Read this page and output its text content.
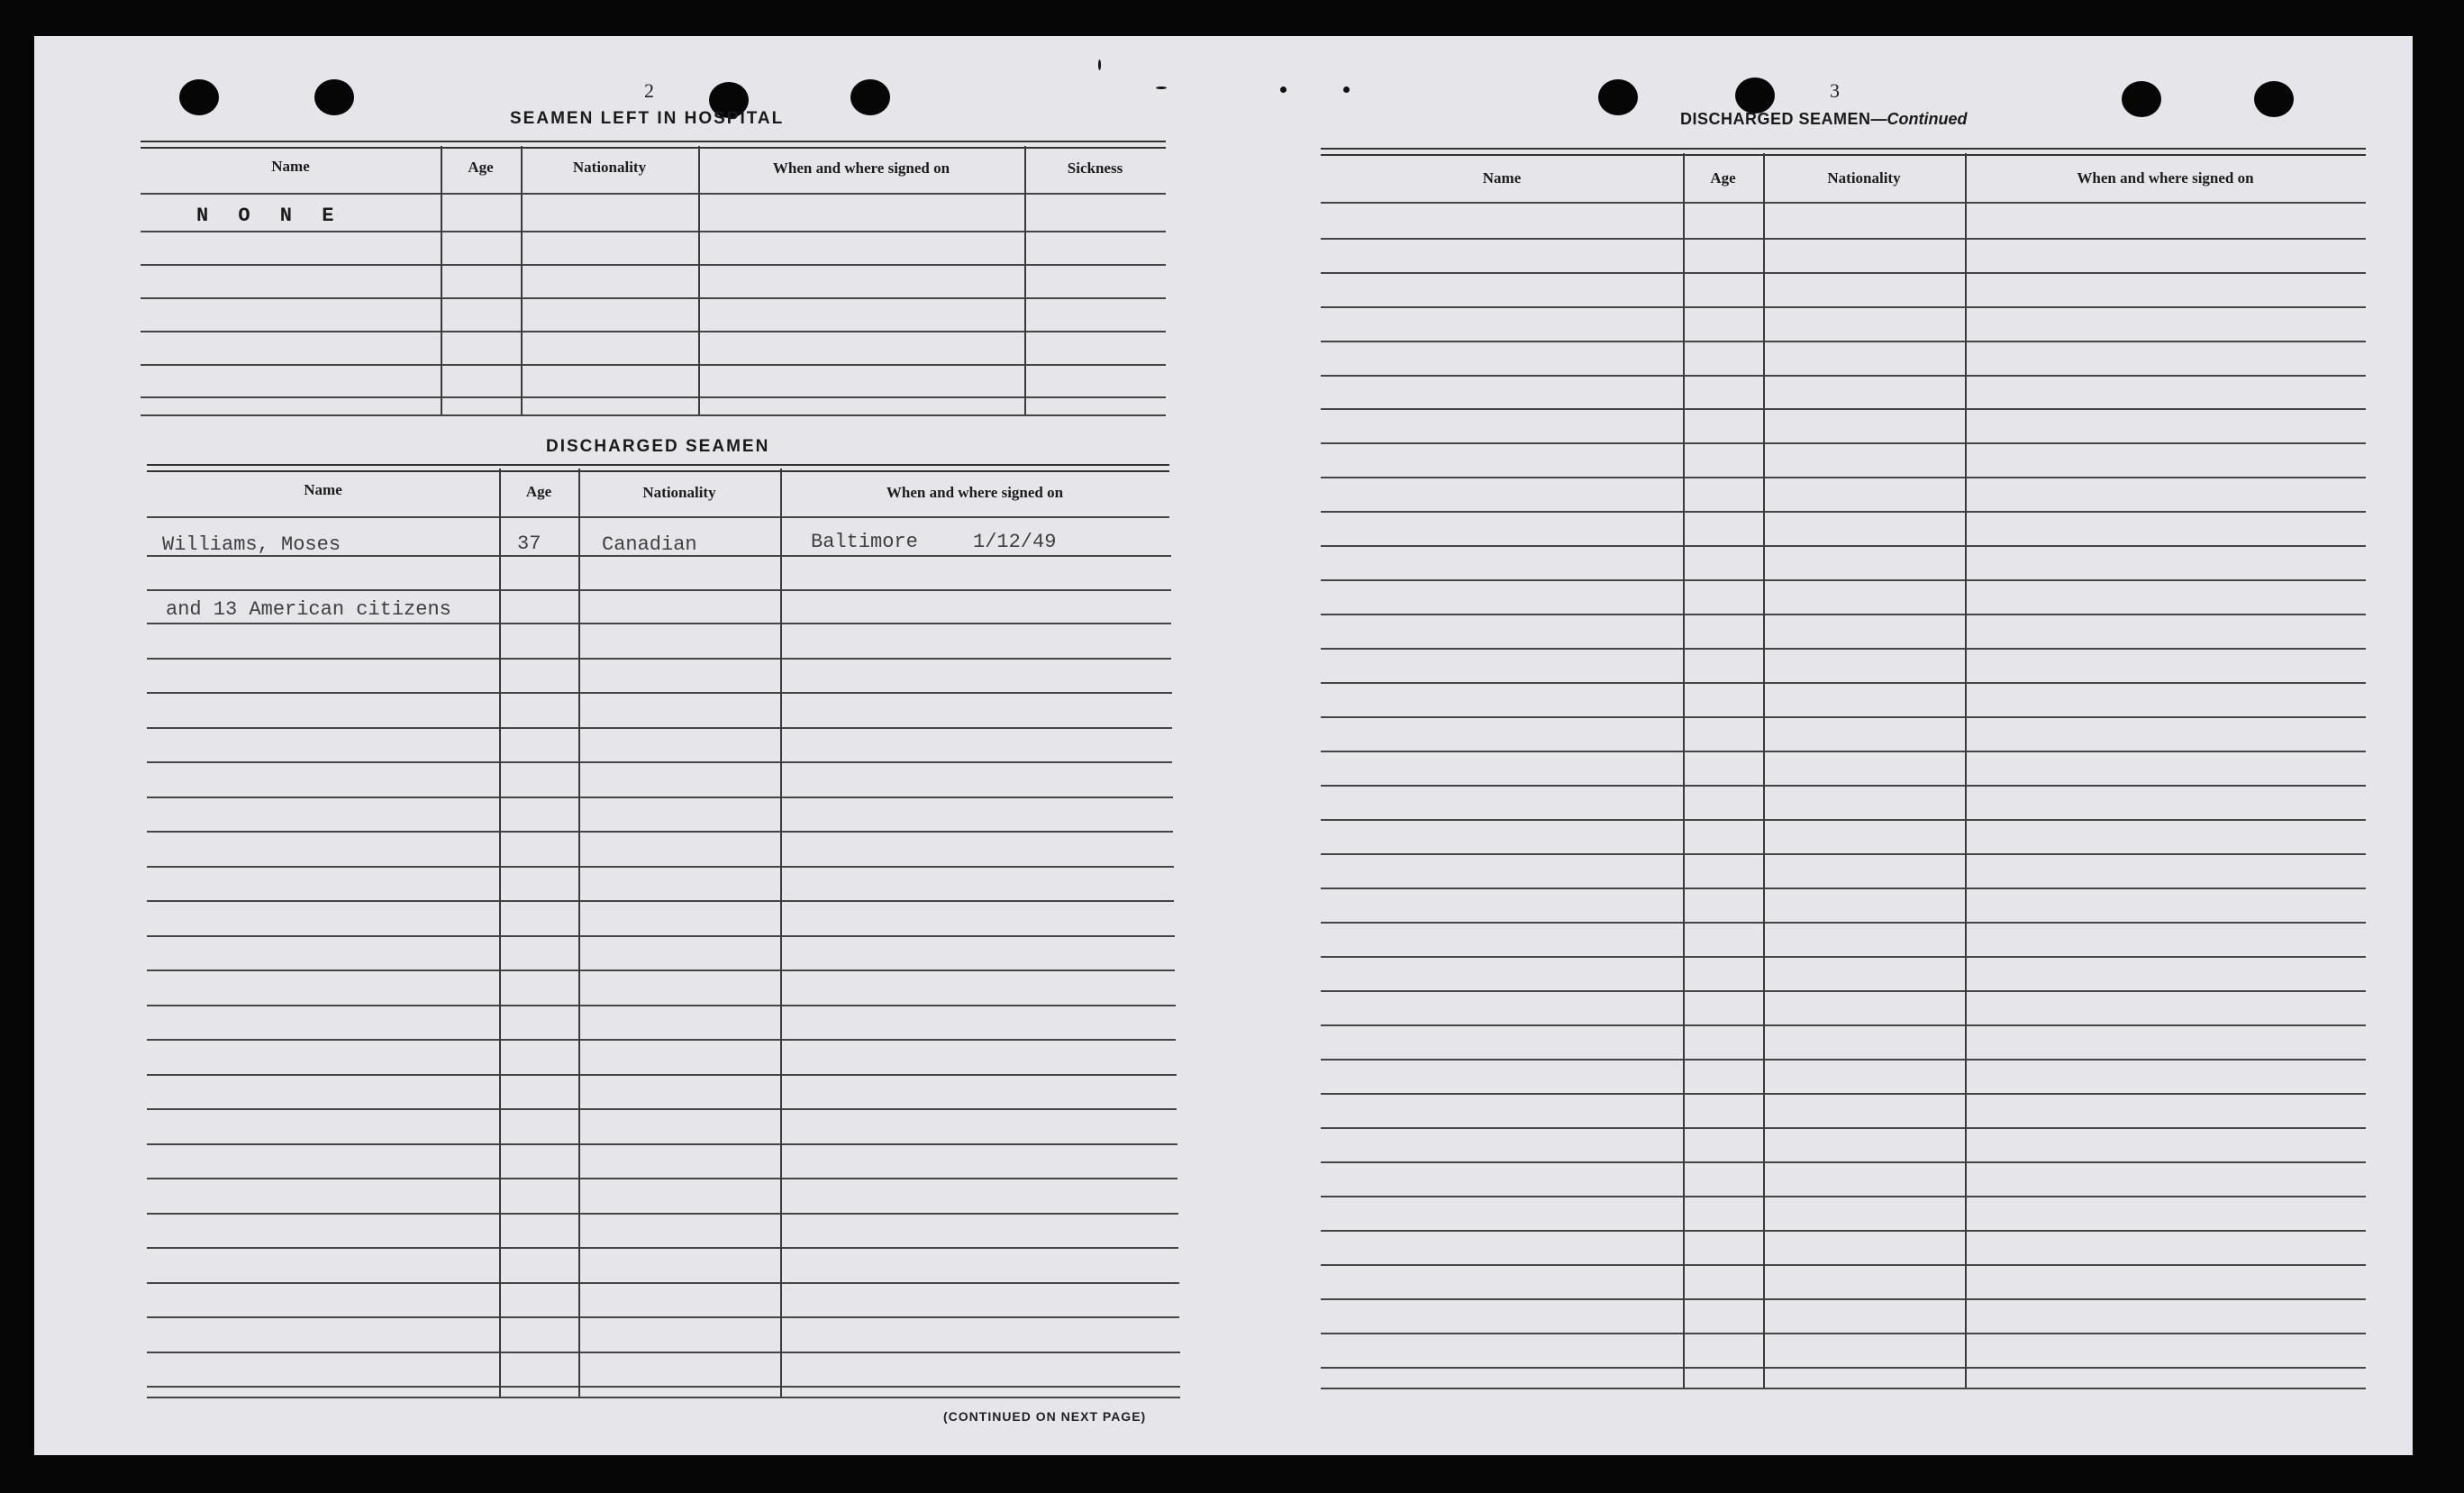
2
SEAMEN LEFT IN HOSPITAL
Name	Age	Nationality	When and where signed on	Sickness
N O N E
DISCHARGED SEAMEN
Name	Age	Nationality	When and where signed on
Williams, Moses	37	Canadian	Baltimore	1/12/49
and 13 American citizens
(CONTINUED ON NEXT PAGE)
3
DISCHARGED SEAMEN—Continued
Name	Age	Nationality	When and where signed on
